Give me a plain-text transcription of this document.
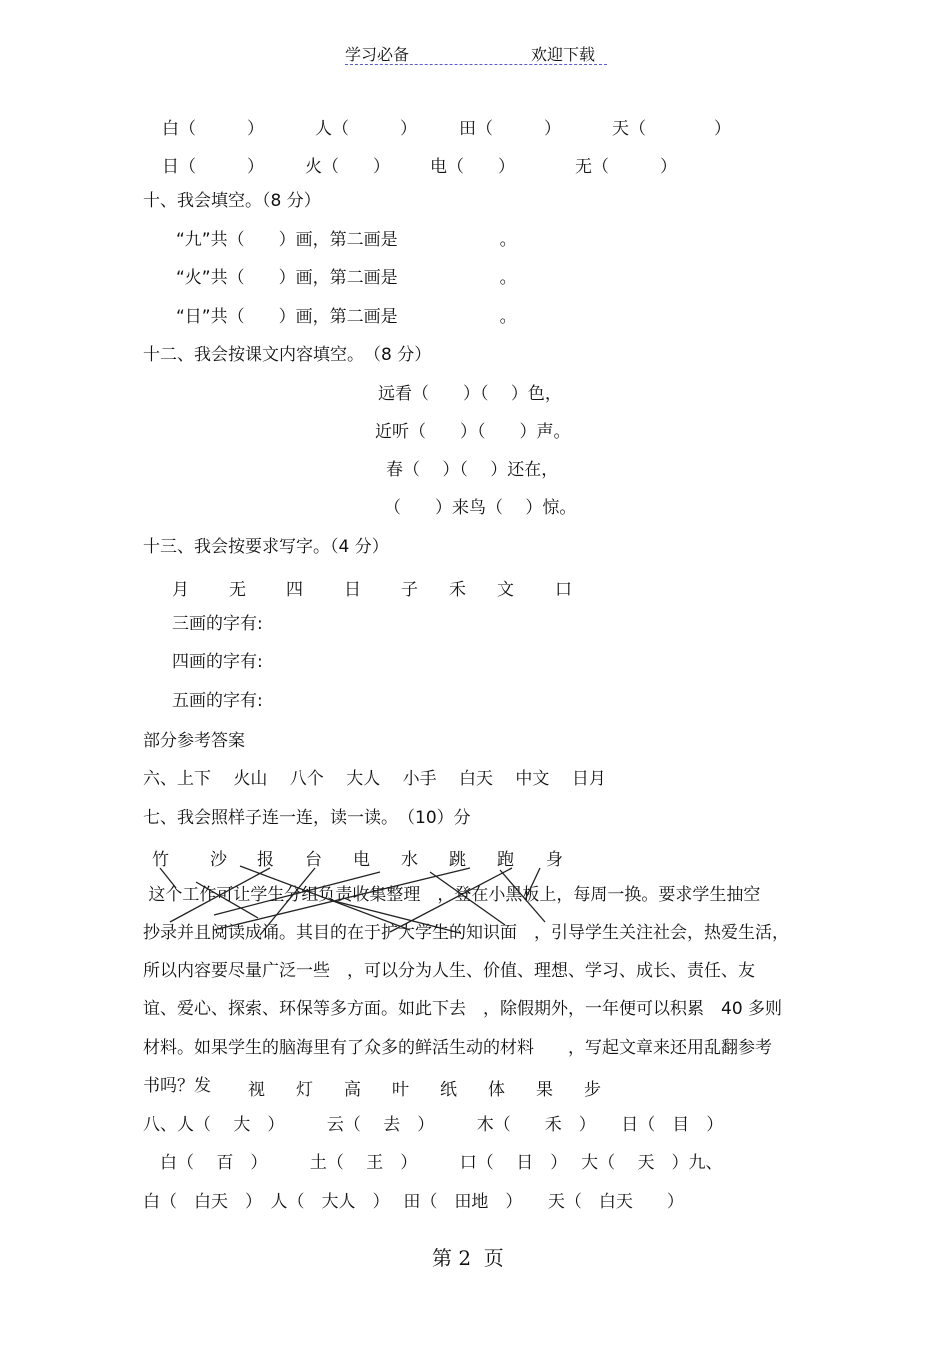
学习必备	欢迎下载
白（　　　）	人（　　　） 田（　　　）	天（　　　　）
日（　　　） 火（　　） 电（　　）	无（　　　）
十、我会填空。（8 分）
“九”共（　　）画，第二画是　　　　　　。
“火”共（　　）画，第二画是　　　　　　。
“日”共（　　）画，第二画是　　　　　　。
十二、我会按课文内容填空。　（8 分）
远看（　　）（　 ）色，
近听（　　）（　　）声。
春（　 ）（　 ）还在，
（　　）来鸟（　 ）惊。
十三、我会按要求写字。（4 分）
月 无 四 日 子 禾 文 口
三画的字有:
四画的字有:
五画的字有:
部分参考答案
六、上下　 火山　 八个　 大人　 小手　 白天　 中文　 日月
七、我会照样子连一连，读一读。　（10）分
竹 沙 报 台 电 水 跳 跑 身
这个工作可让学生分组负责收集整理　，登在小黑板上，每周一换。要求学生抽空
抄录并且阅读成诵。其目的在于扩大学生的知识面　，引导学生关注社会，热爱生活，
所以内容要尽量广泛一些　，可以分为人生、价值、理想、学习、成长、责任、友
谊、爱心、探索、环保等多方面。如此下去　，除假期外，一年便可以积累　40 多则
材料。如果学生的脑海里有了众多的鲜活生动的材料　　，写起文章来还用乱翻参考
书吗？发 视 灯 高 叶 纸 体 果 步
八、人（　 大　）　　　云（　 去　）　　　木（　　禾　）　　日（　目　）
　白（　 百　）　　　土（　 王　）　　　口（　 日　）　 大（　 天　）九、
白（　白天　）　人（　大人　）　 田（　田地　）　　天（　白天　　）
第 2  页
